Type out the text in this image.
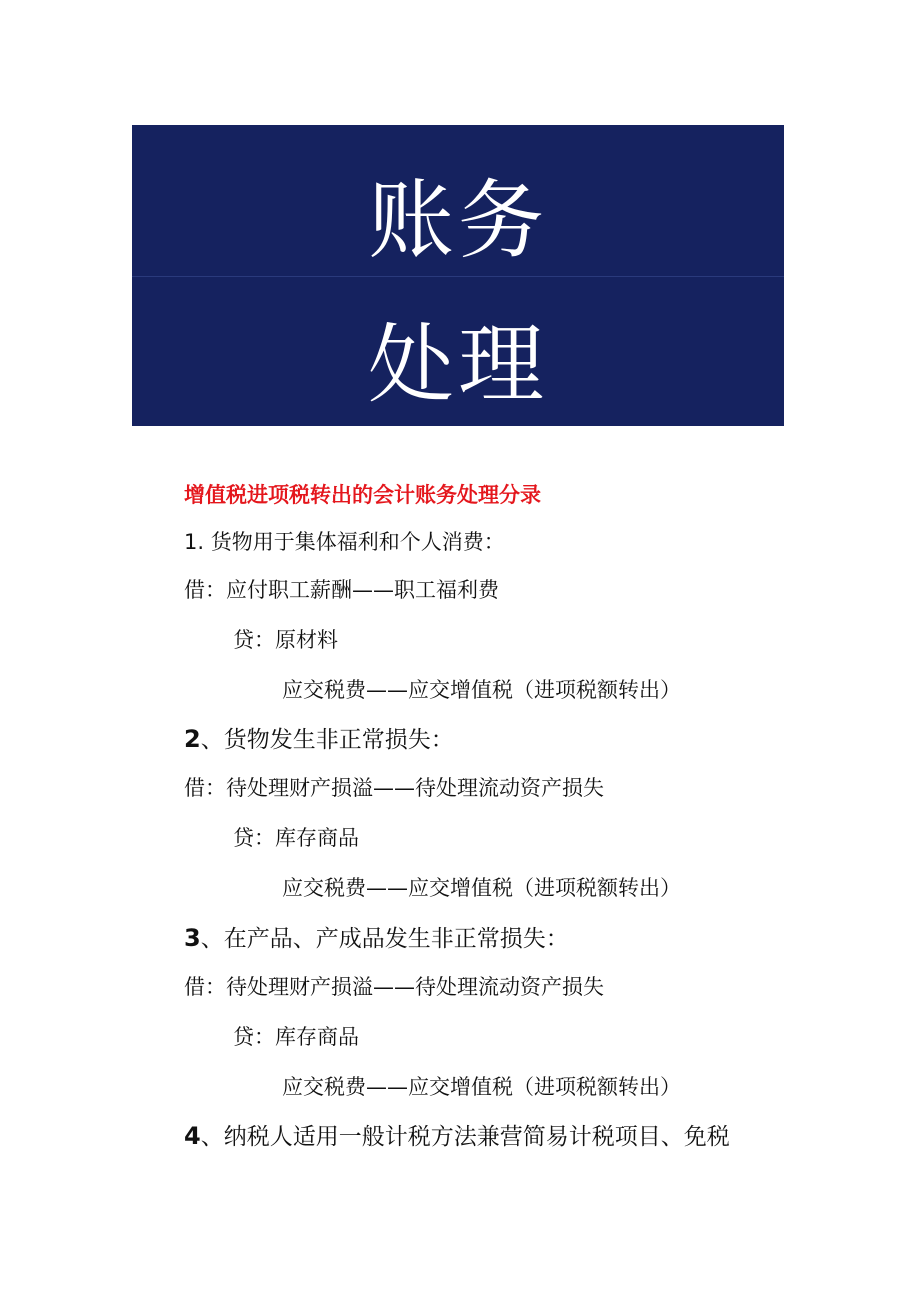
账务
处理
增值税进项税转出的会计账务处理分录
1. 货物用于集体福利和个人消费：
借：应付职工薪酬——职工福利费
贷：原材料
应交税费——应交增值税（进项税额转出）
2、货物发生非正常损失：
借：待处理财产损溢——待处理流动资产损失
贷：库存商品
应交税费——应交增值税（进项税额转出）
3、在产品、产成品发生非正常损失：
借：待处理财产损溢——待处理流动资产损失
贷：库存商品
应交税费——应交增值税（进项税额转出）
4、纳税人适用一般计税方法兼营简易计税项目、免税
